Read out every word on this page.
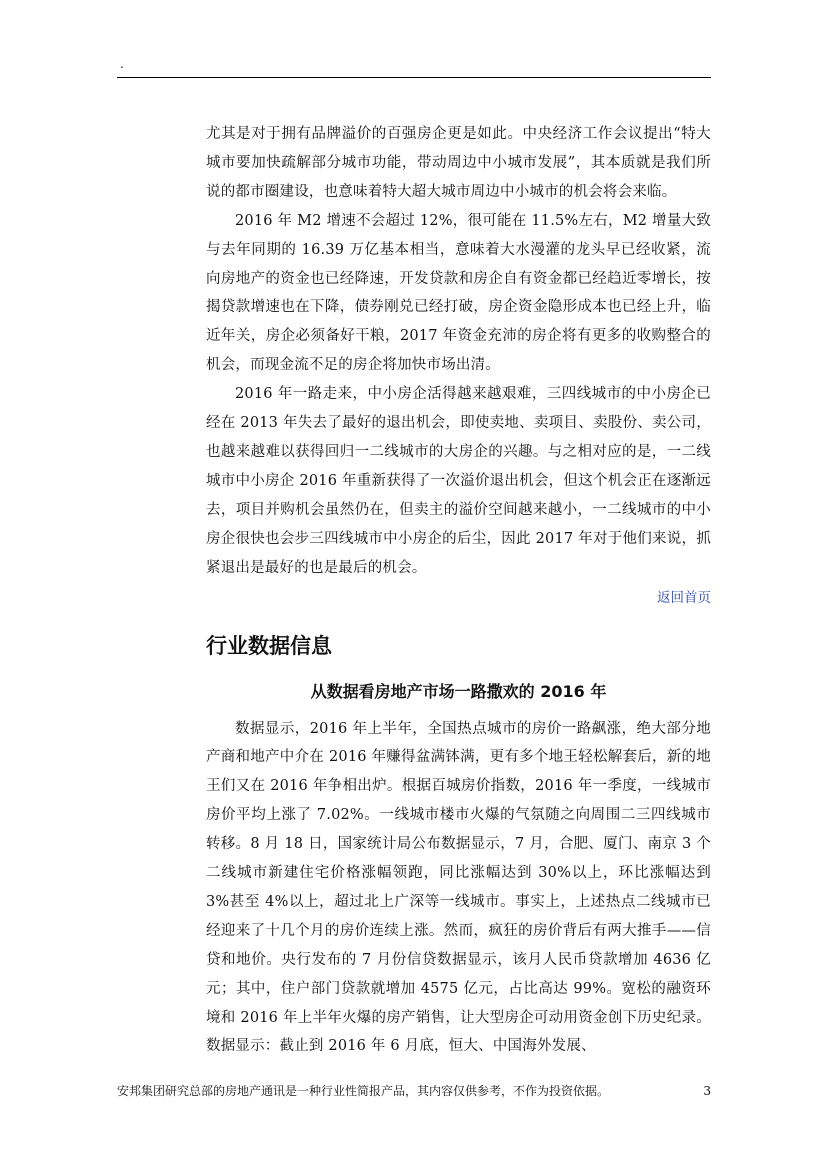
.

尤其是对于拥有品牌溢价的百强房企更是如此。中央经济工作会议提出“特大城市要加快疏解部分城市功能，带动周边中小城市发展”，其本质就是我们所说的都市圈建设，也意味着特大超大城市周边中小城市的机会将会来临。

2016 年 M2 增速不会超过 12%，很可能在 11.5%左右，M2 增量大致与去年同期的 16.39 万亿基本相当，意味着大水漫灌的龙头早已经收紧，流向房地产的资金也已经降速，开发贷款和房企自有资金都已经趋近零增长，按揭贷款增速也在下降，债券刚兑已经打破，房企资金隐形成本也已经上升，临近年关，房企必须备好干粮，2017 年资金充沛的房企将有更多的收购整合的机会，而现金流不足的房企将加快市场出清。

2016 年一路走来，中小房企活得越来越艰难，三四线城市的中小房企已经在 2013 年失去了最好的退出机会，即使卖地、卖项目、卖股份、卖公司，也越来越难以获得回归一二线城市的大房企的兴趣。与之相对应的是，一二线城市中小房企 2016 年重新获得了一次溢价退出机会，但这个机会正在逐渐远去，项目并购机会虽然仍在，但卖主的溢价空间越来越小，一二线城市的中小房企很快也会步三四线城市中小房企的后尘，因此 2017 年对于他们来说，抓紧退出是最好的也是最后的机会。

返回首页
行业数据信息
从数据看房地产市场一路撒欢的 2016 年

数据显示，2016 年上半年，全国热点城市的房价一路飙涨，绝大部分地产商和地产中介在 2016 年赚得盆满钵满，更有多个地王轻松解套后，新的地王们又在 2016 年争相出炉。根据百城房价指数，2016 年一季度，一线城市房价平均上涨了 7.02%。一线城市楼市火爆的气氛随之向周围二三四线城市转移。8 月 18 日，国家统计局公布数据显示，7 月，合肥、厦门、南京 3 个二线城市新建住宅价格涨幅领跑，同比涨幅达到 30%以上，环比涨幅达到 3%甚至 4%以上，超过北上广深等一线城市。事实上，上述热点二线城市已经迎来了十几个月的房价连续上涨。然而，疯狂的房价背后有两大推手——信贷和地价。央行发布的 7 月份信贷数据显示，该月人民币贷款增加 4636 亿元；其中，住户部门贷款就增加 4575 亿元，占比高达 99%。宽松的融资环境和 2016 年上半年火爆的房产销售，让大型房企可动用资金创下历史纪录。数据显示：截止到 2016 年 6 月底，恒大、中国海外发展、

安邦集团研究总部的房地产通讯是一种行业性简报产品，其内容仅供参考，不作为投资依据。	3
